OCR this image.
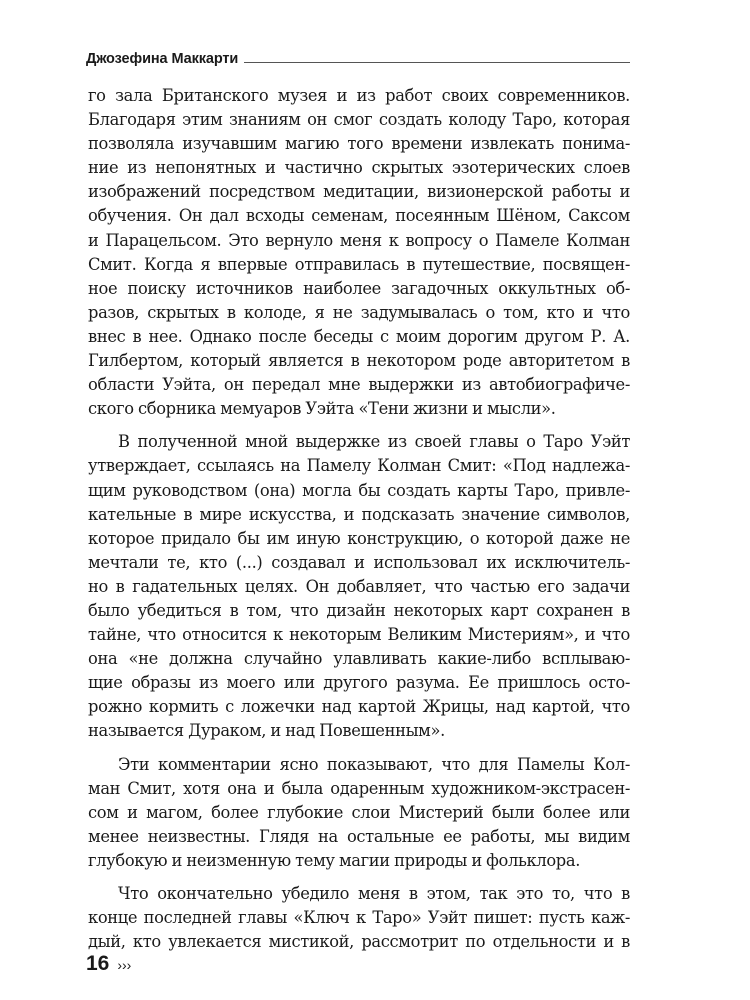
Джозефина Маккарти
го зала Британского музея и из работ своих современников.
Благодаря этим знаниям он смог создать колоду Таро, которая
позволяла изучавшим магию того времени извлекать понима-
ние из непонятных и частично скрытых эзотерических слоев
изображений посредством медитации, визионерской работы и
обучения. Он дал всходы семенам, посеянным Шёном, Саксом
и Парацельсом. Это вернуло меня к вопросу о Памеле Колман
Смит. Когда я впервые отправилась в путешествие, посвящен-
ное поиску источников наиболее загадочных оккультных об-
разов, скрытых в колоде, я не задумывалась о том, кто и что
внес в нее. Однако после беседы с моим дорогим другом Р. А.
Гилбертом, который является в некотором роде авторитетом в
области Уэйта, он передал мне выдержки из автобиографиче-
ского сборника мемуаров Уэйта «Тени жизни и мысли».
В полученной мной выдержке из своей главы о Таро Уэйт
утверждает, ссылаясь на Памелу Колман Смит: «Под надлежа-
щим руководством (она) могла бы создать карты Таро, привле-
кательные в мире искусства, и подсказать значение символов,
которое придало бы им иную конструкцию, о которой даже не
мечтали те, кто (...) создавал и использовал их исключитель-
но в гадательных целях. Он добавляет, что частью его задачи
было убедиться в том, что дизайн некоторых карт сохранен в
тайне, что относится к некоторым Великим Мистериям», и что
она «не должна случайно улавливать какие-либо всплываю-
щие образы из моего или другого разума. Ее пришлось осто-
рожно кормить с ложечки над картой Жрицы, над картой, что
называется Дураком, и над Повешенным».
Эти комментарии ясно показывают, что для Памелы Кол-
ман Смит, хотя она и была одаренным художником-экстрасен-
сом и магом, более глубокие слои Мистерий были более или
менее неизвестны. Глядя на остальные ее работы, мы видим
глубокую и неизменную тему магии природы и фольклора.
Что окончательно убедило меня в этом, так это то, что в
конце последней главы «Ключ к Таро» Уэйт пишет: пусть каж-
дый, кто увлекается мистикой, рассмотрит по отдельности и в
16 ›››
